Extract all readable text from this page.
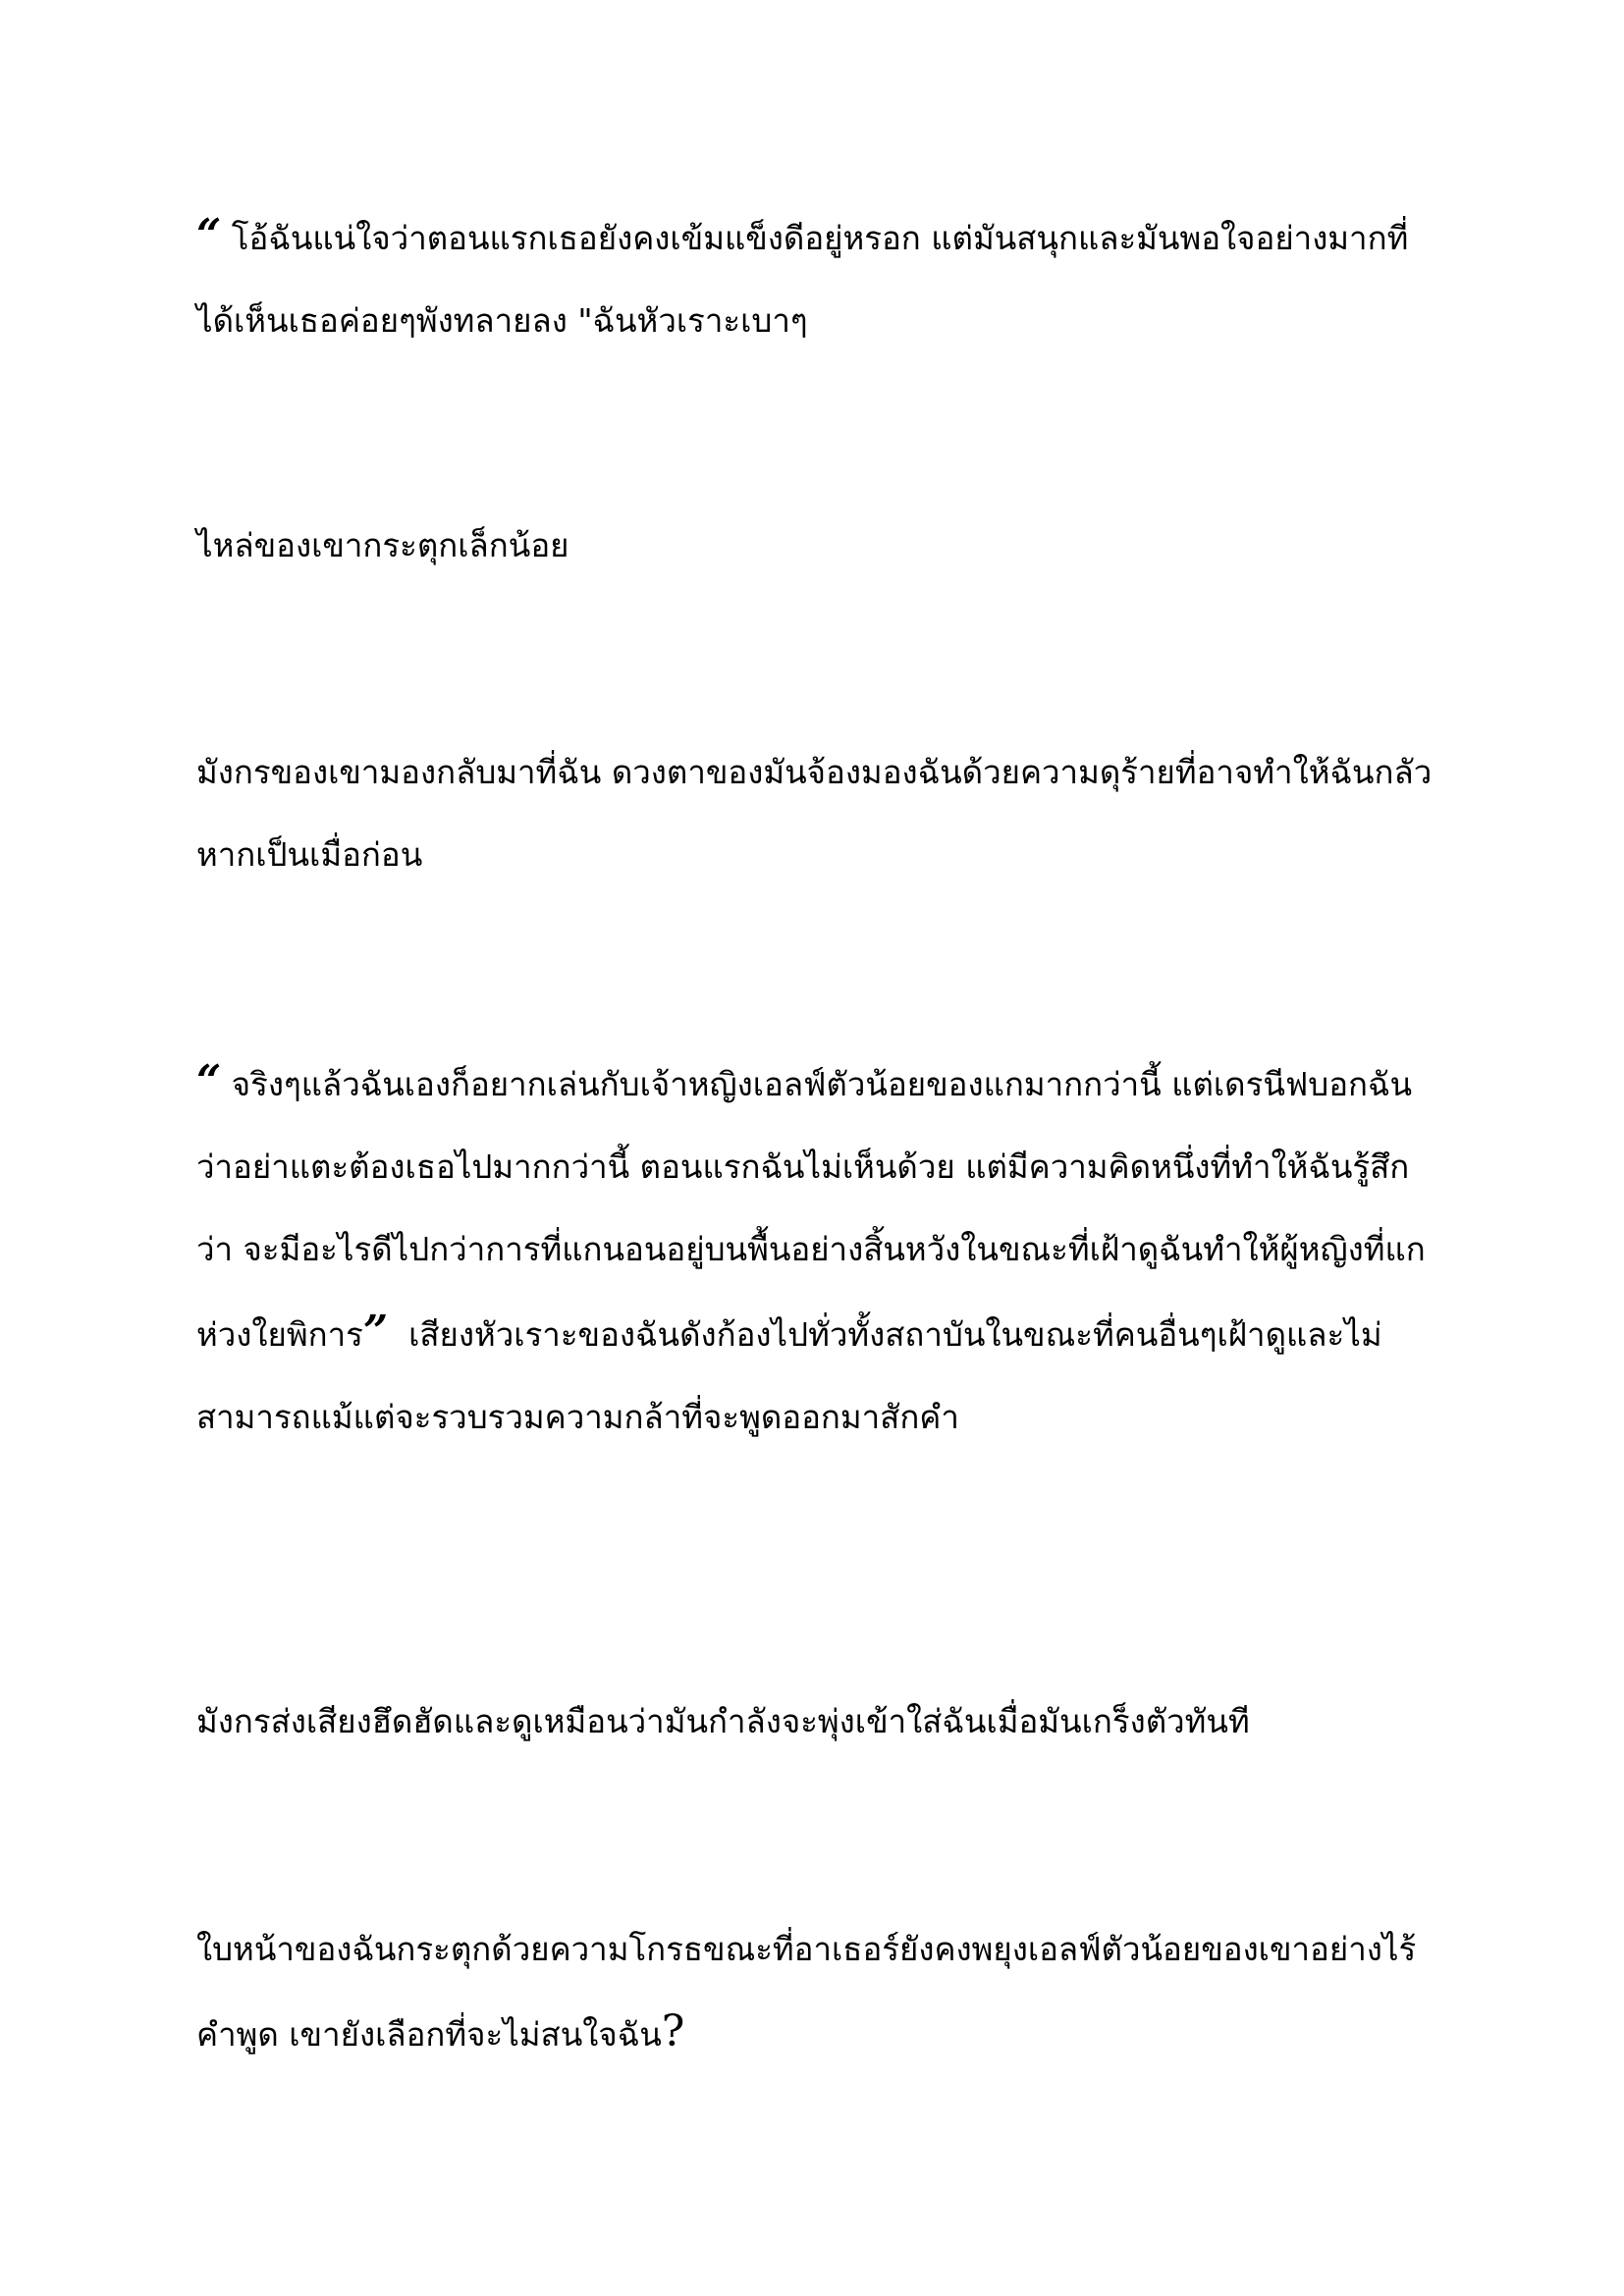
“ โอ้ฉันแน่ใจว่าตอนแรกเธอยังคงเข้มแข็งดีอยู่หรอก แต่มันสนุกและมันพอใจอย่างมากที่ได้เห็นเธอค่อยๆพังทลายลง "ฉันหัวเราะเบาๆ

ไหล่ของเขากระตุกเล็กน้อย

มังกรของเขามองกลับมาที่ฉัน ดวงตาของมันจ้องมองฉันด้วยความดุร้ายที่อาจทำให้ฉันกลัวหากเป็นเมื่อก่อน

“ จริงๆแล้วฉันเองก็อยากเล่นกับเจ้าหญิงเอลฟ์ตัวน้อยของแกมากกว่านี้ แต่เดรนีฟบอกฉันว่าอย่าแตะต้องเธอไปมากกว่านี้ ตอนแรกฉันไม่เห็นด้วย แต่มีความคิดหนึ่งที่ทำให้ฉันรู้สึกว่า จะมีอะไรดีไปกว่าการที่แกนอนอยู่บนพื้นอย่างสิ้นหวังในขณะที่เฝ้าดูฉันทำให้ผู้หญิงที่แกห่วงใยพิการ”  เสียงหัวเราะของฉันดังก้องไปทั่วทั้งสถาบันในขณะที่คนอื่นๆเฝ้าดูและไม่สามารถแม้แต่จะรวบรวมความกล้าที่จะพูดออกมาสักคำ

มังกรส่งเสียงฮึดฮัดและดูเหมือนว่ามันกำลังจะพุ่งเข้าใส่ฉันเมื่อมันเกร็งตัวทันที

ใบหน้าของฉันกระตุกด้วยความโกรธขณะที่อาเธอร์ยังคงพยุงเอลฟ์ตัวน้อยของเขาอย่างไร้คำพูด เขายังเลือกที่จะไม่สนใจฉัน?
